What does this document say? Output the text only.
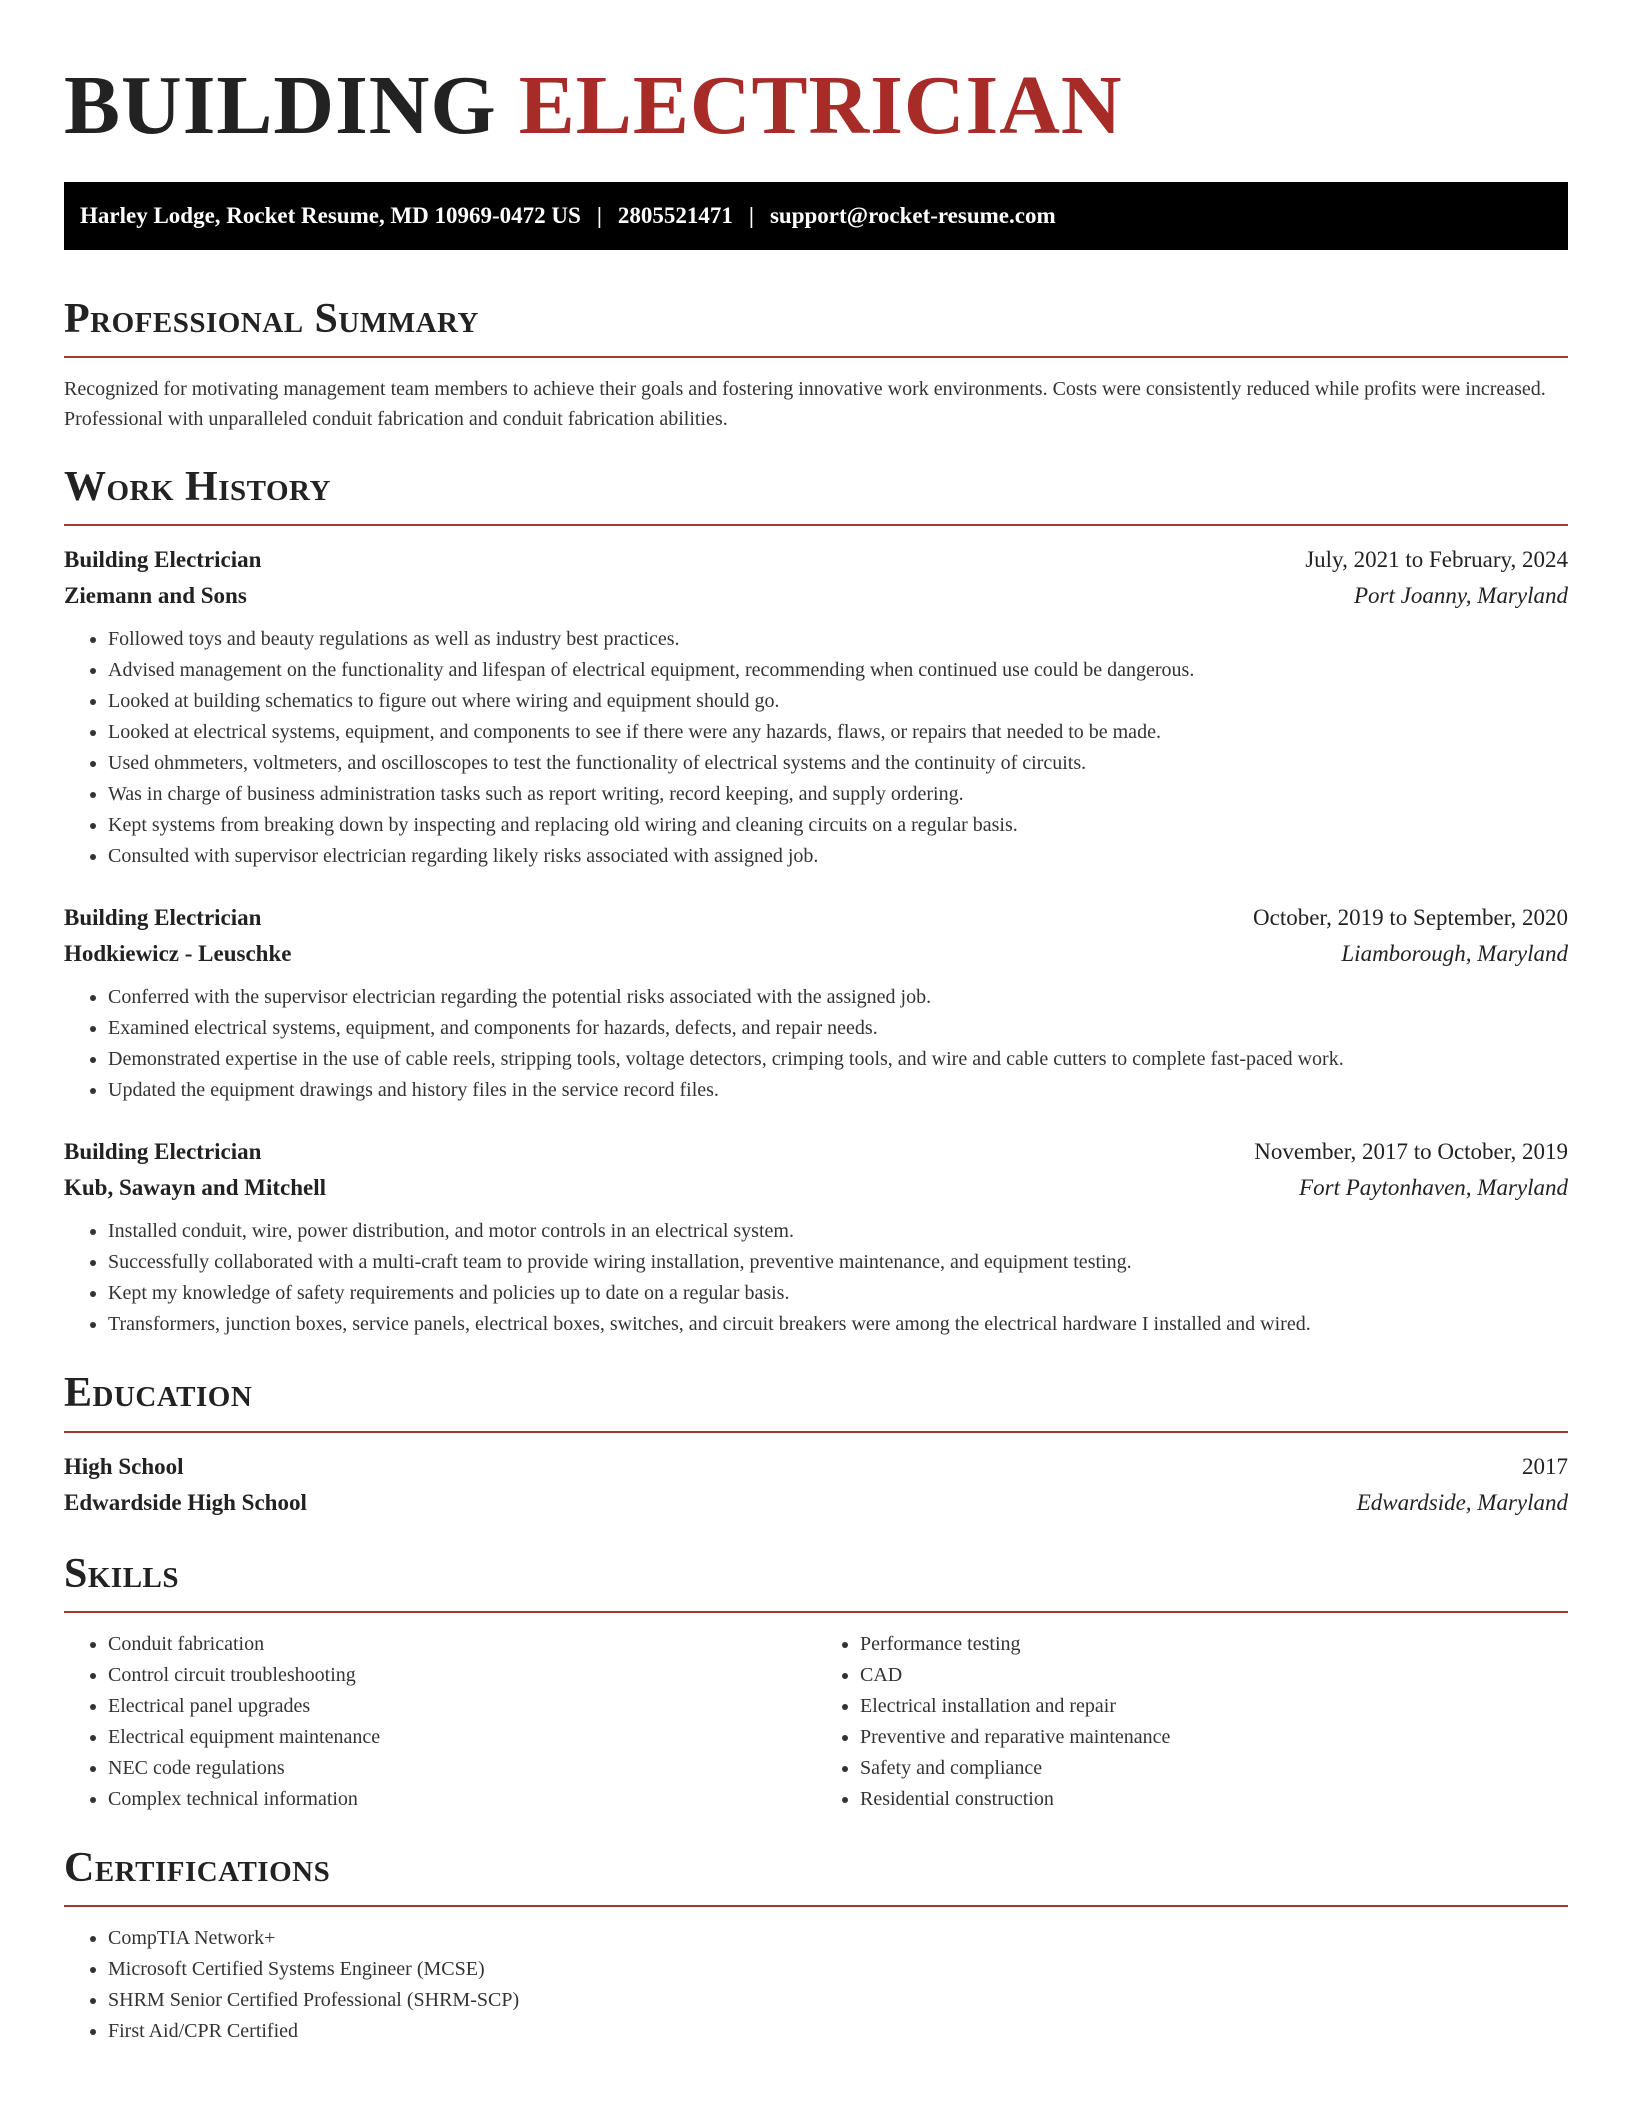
BUILDING ELECTRICIAN
Harley Lodge, Rocket Resume, MD 10969-0472 US | 2805521471 | support@rocket-resume.com
Professional Summary

Recognized for motivating management team members to achieve their goals and fostering innovative work environments. Costs were consistently reduced while profits were increased. Professional with unparalleled conduit fabrication and conduit fabrication abilities.

Work History
Building Electrician	July, 2021 to February, 2024
Ziemann and Sons	Port Joanny, Maryland
• Followed toys and beauty regulations as well as industry best practices.
• Advised management on the functionality and lifespan of electrical equipment, recommending when continued use could be dangerous.
• Looked at building schematics to figure out where wiring and equipment should go.
• Looked at electrical systems, equipment, and components to see if there were any hazards, flaws, or repairs that needed to be made.
• Used ohmmeters, voltmeters, and oscilloscopes to test the functionality of electrical systems and the continuity of circuits.
• Was in charge of business administration tasks such as report writing, record keeping, and supply ordering.
• Kept systems from breaking down by inspecting and replacing old wiring and cleaning circuits on a regular basis.
• Consulted with supervisor electrician regarding likely risks associated with assigned job.
Building Electrician	October, 2019 to September, 2020
Hodkiewicz - Leuschke	Liamborough, Maryland
• Conferred with the supervisor electrician regarding the potential risks associated with the assigned job.
• Examined electrical systems, equipment, and components for hazards, defects, and repair needs.
• Demonstrated expertise in the use of cable reels, stripping tools, voltage detectors, crimping tools, and wire and cable cutters to complete fast-paced work.
• Updated the equipment drawings and history files in the service record files.
Building Electrician	November, 2017 to October, 2019
Kub, Sawayn and Mitchell	Fort Paytonhaven, Maryland
• Installed conduit, wire, power distribution, and motor controls in an electrical system.
• Successfully collaborated with a multi-craft team to provide wiring installation, preventive maintenance, and equipment testing.
• Kept my knowledge of safety requirements and policies up to date on a regular basis.
• Transformers, junction boxes, service panels, electrical boxes, switches, and circuit breakers were among the electrical hardware I installed and wired.
Education
High School	2017
Edwardside High School	Edwardside, Maryland
Skills
• Conduit fabrication
• Control circuit troubleshooting
• Electrical panel upgrades
• Electrical equipment maintenance
• NEC code regulations
• Complex technical information
• Performance testing
• CAD
• Electrical installation and repair
• Preventive and reparative maintenance
• Safety and compliance
• Residential construction
Certifications
• CompTIA Network+
• Microsoft Certified Systems Engineer (MCSE)
• SHRM Senior Certified Professional (SHRM-SCP)
• First Aid/CPR Certified
